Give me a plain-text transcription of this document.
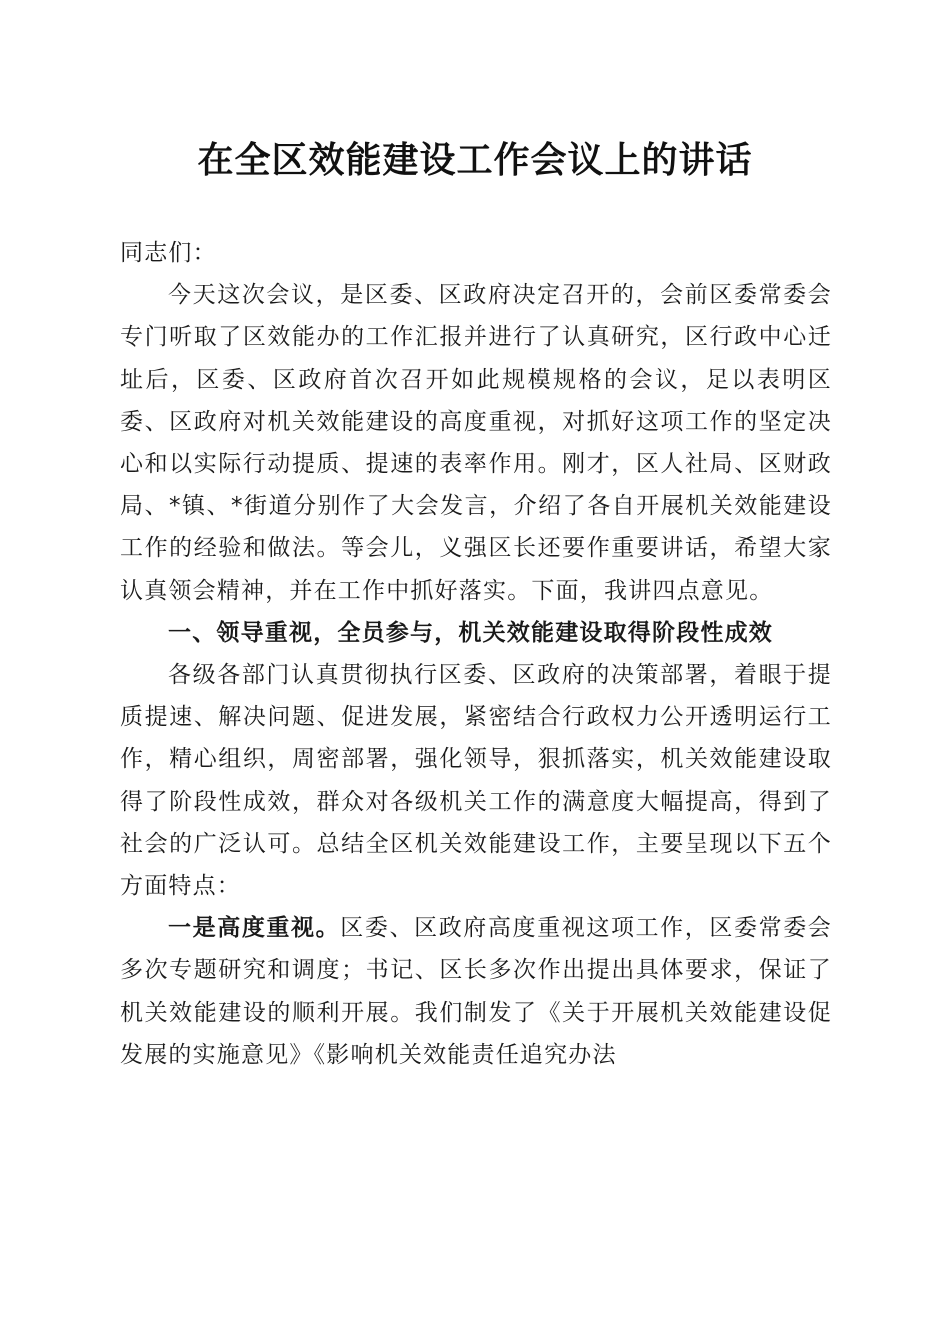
在全区效能建设工作会议上的讲话

同志们：

今天这次会议，是区委、区政府决定召开的，会前区委常委会专门听取了区效能办的工作汇报并进行了认真研究，区行政中心迁址后，区委、区政府首次召开如此规模规格的会议，足以表明区委、区政府对机关效能建设的高度重视，对抓好这项工作的坚定决心和以实际行动提质、提速的表率作用。刚才，区人社局、区财政局、*镇、*街道分别作了大会发言，介绍了各自开展机关效能建设工作的经验和做法。等会儿，义强区长还要作重要讲话，希望大家认真领会精神，并在工作中抓好落实。下面，我讲四点意见。

一、领导重视，全员参与，机关效能建设取得阶段性成效

各级各部门认真贯彻执行区委、区政府的决策部署，着眼于提质提速、解决问题、促进发展，紧密结合行政权力公开透明运行工作，精心组织，周密部署，强化领导，狠抓落实，机关效能建设取得了阶段性成效，群众对各级机关工作的满意度大幅提高，得到了社会的广泛认可。总结全区机关效能建设工作，主要呈现以下五个方面特点：

一是高度重视。区委、区政府高度重视这项工作，区委常委会多次专题研究和调度；书记、区长多次作出提出具体要求，保证了机关效能建设的顺利开展。我们制发了《关于开展机关效能建设促发展的实施意见》《影响机关效能责任追究办法
